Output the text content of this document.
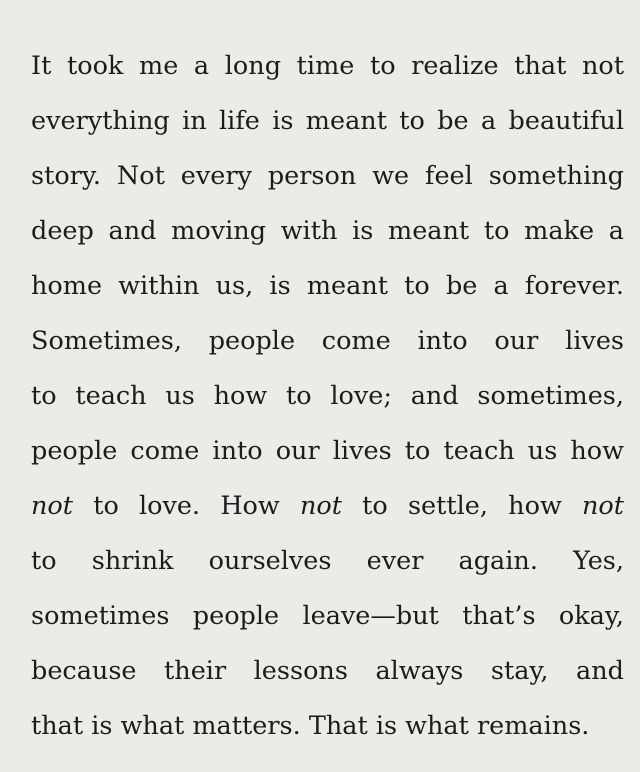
It took me a long time to realize that not
everything in life is meant to be a beautiful
story. Not every person we feel something
deep and moving with is meant to make a
home within us, is meant to be a forever.
Sometimes, people come into our lives
to teach us how to love; and sometimes,
people come into our lives to teach us how
not to love. How not to settle, how not
to shrink ourselves ever again. Yes,
sometimes people leave—but that’s okay,
because their lessons always stay, and
that is what matters. That is what remains.
